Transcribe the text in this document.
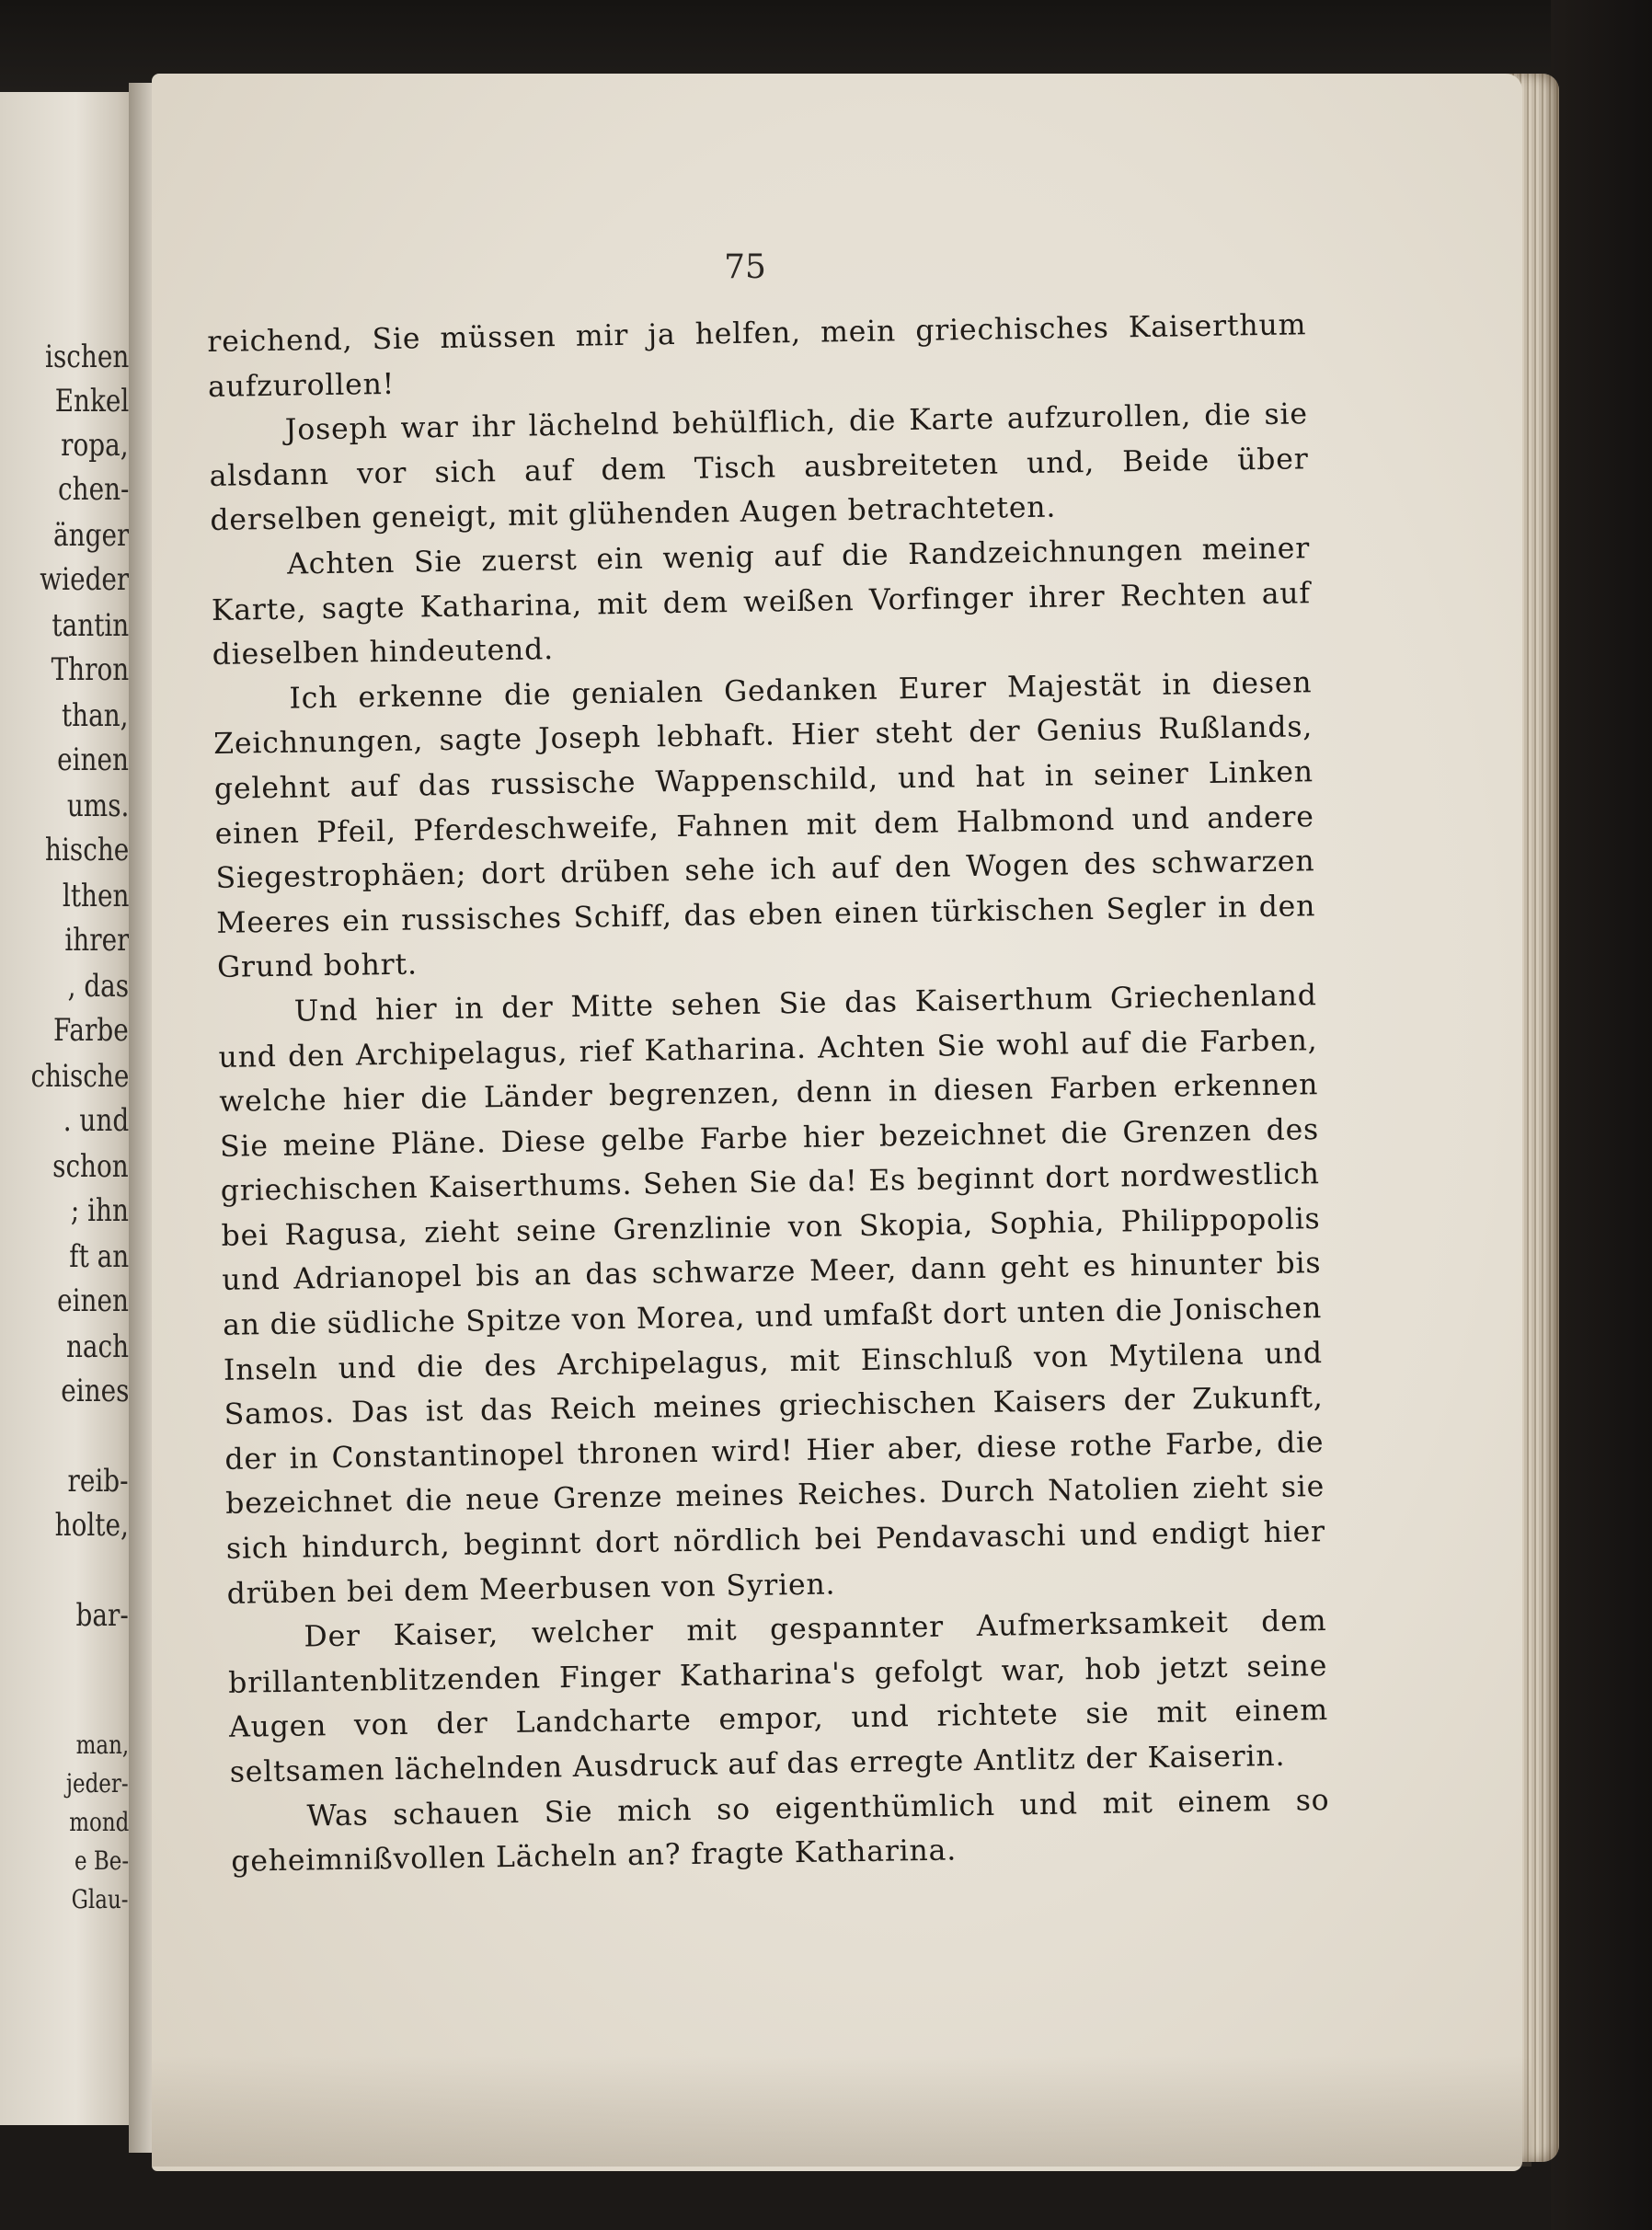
ischen
Enkel
ropa,
chen-
änger
wieder
tantin
Thron
than,
einen
ums.
hische
lthen
ihrer
, das
Farbe
chische
. und
schon
; ihn
ft an
einen
nach
eines
reib-
holte,
bar-
man,
jeder-
mond
e Be-
Glau-
75

reichend, Sie müssen mir ja helfen, mein griechisches Kaiserthum aufzurollen!

Joseph war ihr lächelnd behülflich, die Karte aufzurollen, die sie alsdann vor sich auf dem Tisch ausbreiteten und, Beide über derselben geneigt, mit glühenden Augen betrachteten.

Achten Sie zuerst ein wenig auf die Randzeichnungen meiner Karte, sagte Katharina, mit dem weißen Vorfinger ihrer Rechten auf dieselben hindeutend.

Ich erkenne die genialen Gedanken Eurer Majestät in diesen Zeichnungen, sagte Joseph lebhaft. Hier steht der Genius Rußlands, gelehnt auf das russische Wappenschild, und hat in seiner Linken einen Pfeil, Pferdeschweife, Fahnen mit dem Halbmond und andere Siegestrophäen; dort drüben sehe ich auf den Wogen des schwarzen Meeres ein russisches Schiff, das eben einen türkischen Segler in den Grund bohrt.

Und hier in der Mitte sehen Sie das Kaiserthum Griechenland und den Archipelagus, rief Katharina. Achten Sie wohl auf die Farben, welche hier die Länder begrenzen, denn in diesen Farben erkennen Sie meine Pläne. Diese gelbe Farbe hier bezeichnet die Grenzen des griechischen Kaiserthums. Sehen Sie da! Es beginnt dort nordwestlich bei Ragusa, zieht seine Grenzlinie von Skopia, Sophia, Philippopolis und Adrianopel bis an das schwarze Meer, dann geht es hinunter bis an die südliche Spitze von Morea, und umfaßt dort unten die Jonischen Inseln und die des Archipelagus, mit Einschluß von Mytilena und Samos. Das ist das Reich meines griechischen Kaisers der Zukunft, der in Constantinopel thronen wird! Hier aber, diese rothe Farbe, die bezeichnet die neue Grenze meines Reiches. Durch Natolien zieht sie sich hindurch, beginnt dort nördlich bei Pendavaschi und endigt hier drüben bei dem Meerbusen von Syrien.

Der Kaiser, welcher mit gespannter Aufmerksamkeit dem brillantenblitzenden Finger Katharina's gefolgt war, hob jetzt seine Augen von der Landcharte empor, und richtete sie mit einem seltsamen lächelnden Ausdruck auf das erregte Antlitz der Kaiserin.

Was schauen Sie mich so eigenthümlich und mit einem so geheimnißvollen Lächeln an? fragte Katharina.
